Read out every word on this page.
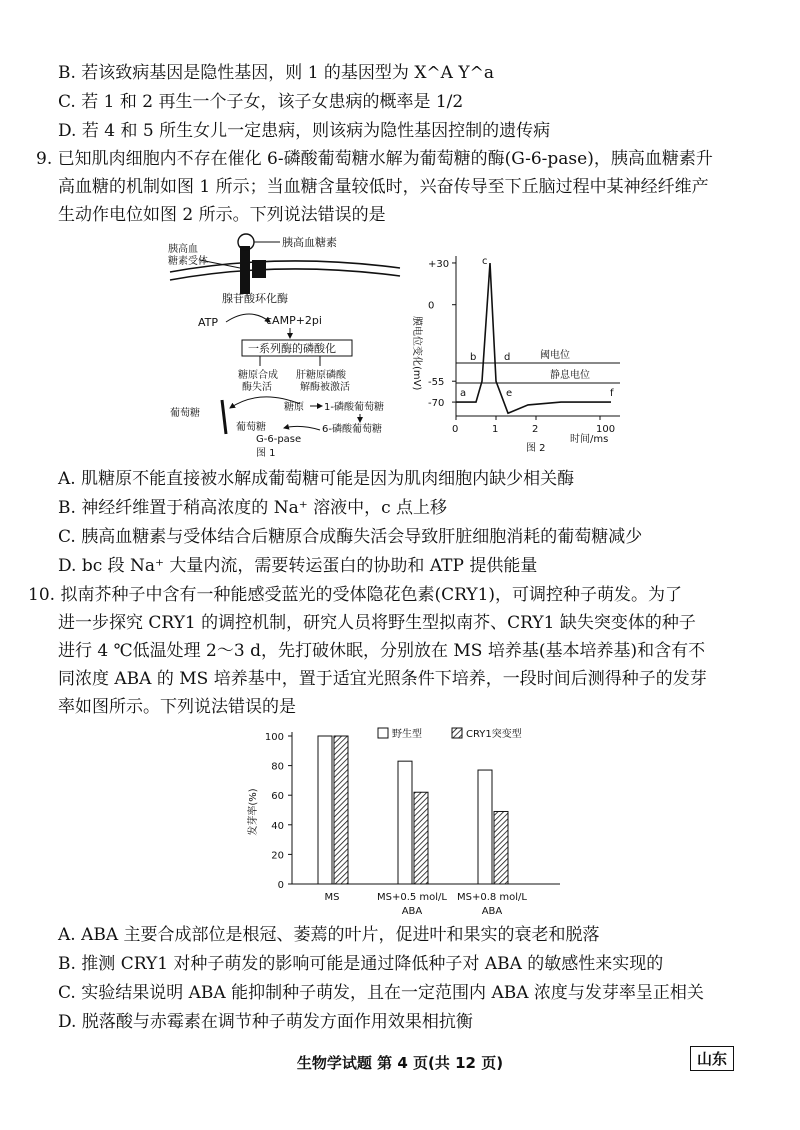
B. 若该致病基因是隐性基因，则 1 的基因型为 X^A Y^a
C. 若 1 和 2 再生一个子女，该子女患病的概率是 1/2
D. 若 4 和 5 所生女儿一定患病，则该病为隐性基因控制的遗传病
9. 已知肌肉细胞内不存在催化 6-磷酸葡萄糖水解为葡萄糖的酶(G-6-pase)，胰高血糖素升
高血糖的机制如图 1 所示；当血糖含量较低时，兴奋传导至下丘脑过程中某神经纤维产
生动作电位如图 2 所示。下列说法错误的是
胰高血糖素
胰高血
糖素受体
腺苷酸环化酶
ATP	cAMP+2pi
一系列酶的磷酸化
糖原合成
酶失活
肝糖原磷酸
解酶被激活
葡萄糖
糖原 1-磷酸葡萄糖
葡萄糖	6-磷酸葡萄糖
G-6-pase
图 1
膜电位变化(mV)
+30
0
-55
-70
0	1	2	100
阈电位
静息电位
a
b
c
d
e	f
时间/ms
图 2
A. 肌糖原不能直接被水解成葡萄糖可能是因为肌肉细胞内缺少相关酶
B. 神经纤维置于稍高浓度的 Na⁺ 溶液中，c 点上移
C. 胰高血糖素与受体结合后糖原合成酶失活会导致肝脏细胞消耗的葡萄糖减少
D. bc 段 Na⁺ 大量内流，需要转运蛋白的协助和 ATP 提供能量
10. 拟南芥种子中含有一种能感受蓝光的受体隐花色素(CRY1)，可调控种子萌发。为了
进一步探究 CRY1 的调控机制，研究人员将野生型拟南芥、CRY1 缺失突变体的种子
进行 4 ℃低温处理 2～3 d，先打破休眠，分别放在 MS 培养基(基本培养基)和含有不
同浓度 ABA 的 MS 培养基中，置于适宜光照条件下培养，一段时间后测得种子的发芽
率如图所示。下列说法错误的是
发芽率(%)
0
20
40
60
80
100
MS	MS+0.5 mol/L
ABA
MS+0.8 mol/L
ABA
野生型	CRY1突变型
A. ABA 主要合成部位是根冠、萎蔫的叶片，促进叶和果实的衰老和脱落
B. 推测 CRY1 对种子萌发的影响可能是通过降低种子对 ABA 的敏感性来实现的
C. 实验结果说明 ABA 能抑制种子萌发，且在一定范围内 ABA 浓度与发芽率呈正相关
D. 脱落酸与赤霉素在调节种子萌发方面作用效果相抗衡
生物学试题 第 4 页(共 12 页)	山东
